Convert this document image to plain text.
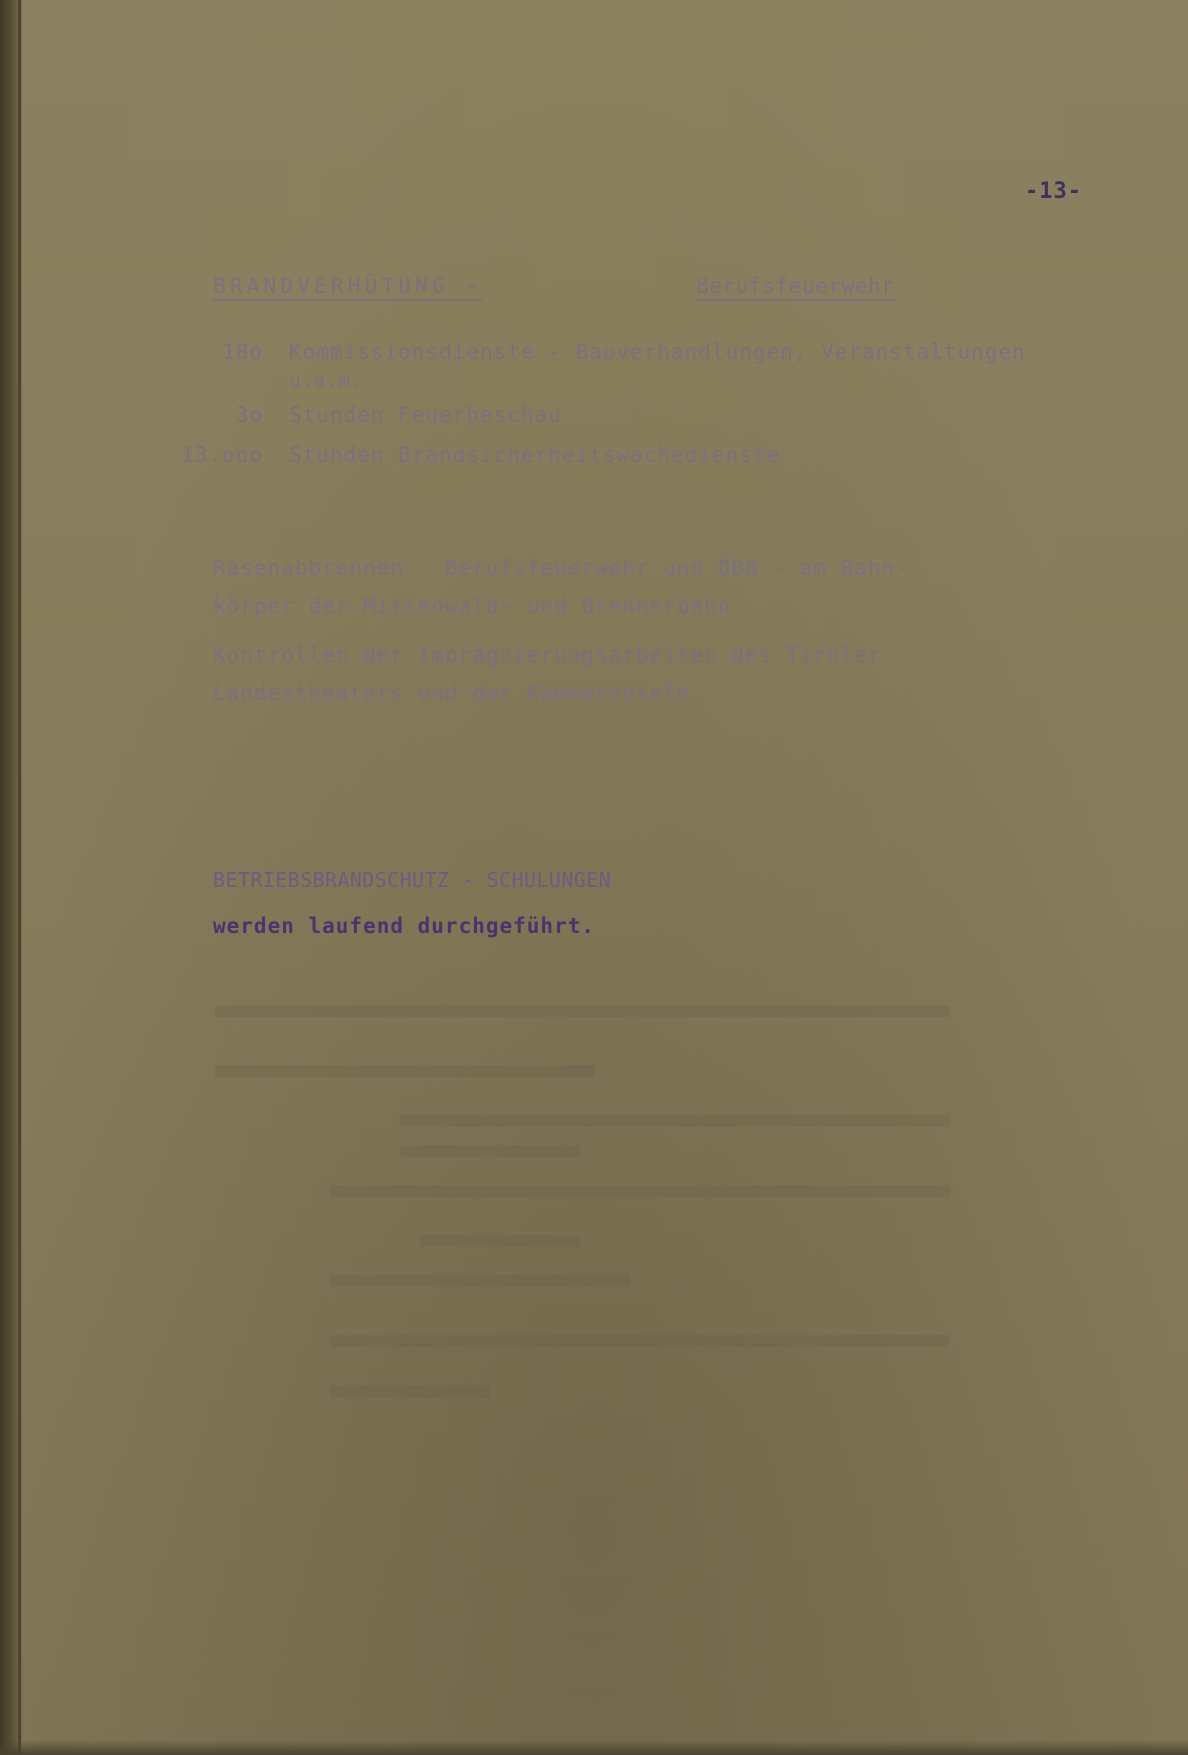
-13-
BRANDVERHÜTUNG -	Berufsfeuerwehr
18o Kommissionsdienste - Bauverhandlungen, Veranstaltungen
u.a.m.
3o Stunden Feuerbeschau
13.ooo Stunden Brandsicherheitswachedienste
Rasenabbrennen - Berufsfeuerwehr und ÖBB - am Bahn-
körper der Mittenwald- und Brennerbahn
Kontrollen der Imprägnierungsarbeiten des Tiroler
Landestheaters und der Kammerspiele.
BETRIEBSBRANDSCHUTZ - SCHULUNGEN
werden laufend durchgeführt.
